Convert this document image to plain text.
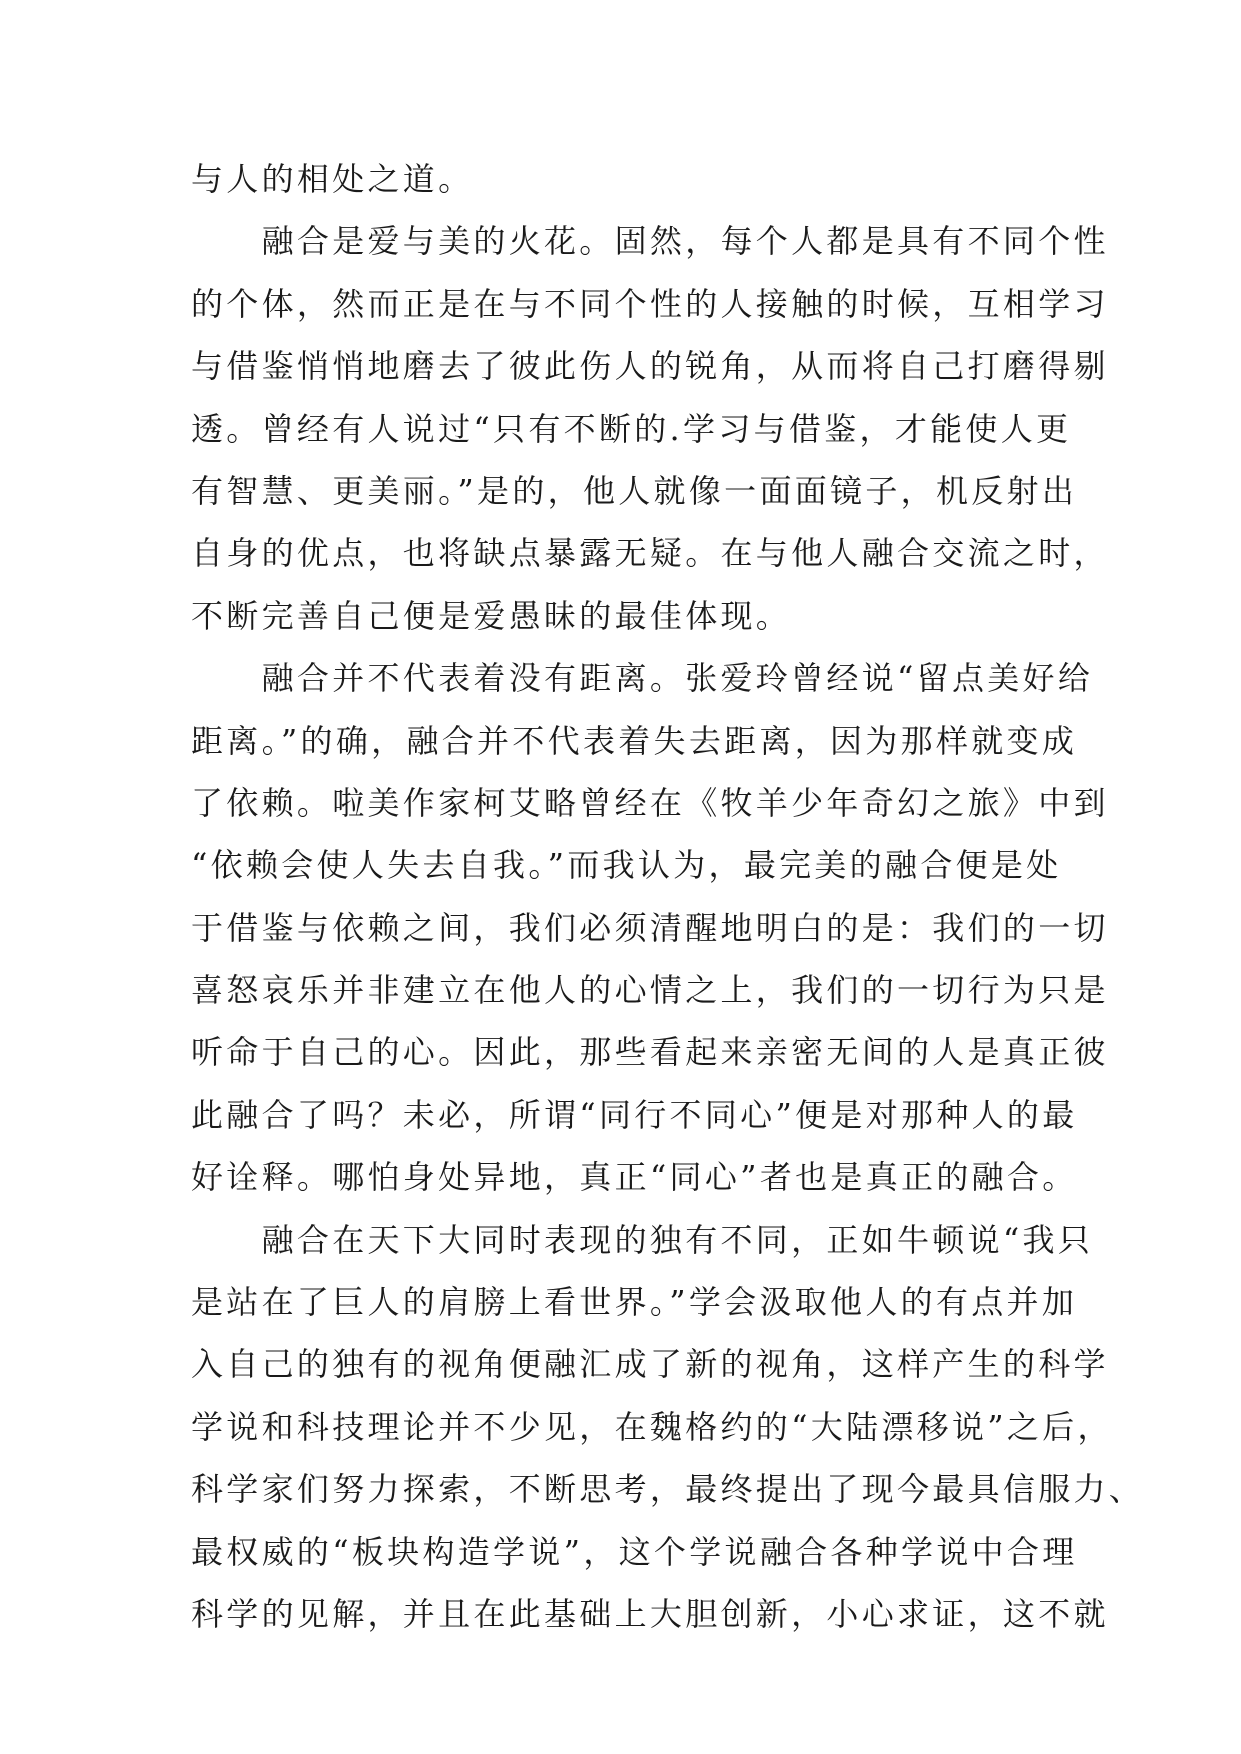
与人的相处之道。
　　融合是爱与美的火花。固然，每个人都是具有不同个性
的个体，然而正是在与不同个性的人接触的时候，互相学习
与借鉴悄悄地磨去了彼此伤人的锐角，从而将自己打磨得剔
透。曾经有人说过“只有不断的.学习与借鉴，才能使人更
有智慧、更美丽。”是的，他人就像一面面镜子，机反射出
自身的优点，也将缺点暴露无疑。在与他人融合交流之时，
不断完善自己便是爱愚昧的最佳体现。
　　融合并不代表着没有距离。张爱玲曾经说“留点美好给
距离。”的确，融合并不代表着失去距离，因为那样就变成
了依赖。啦美作家柯艾略曾经在《牧羊少年奇幻之旅》中到
“依赖会使人失去自我。”而我认为，最完美的融合便是处
于借鉴与依赖之间，我们必须清醒地明白的是：我们的一切
喜怒哀乐并非建立在他人的心情之上，我们的一切行为只是
听命于自己的心。因此，那些看起来亲密无间的人是真正彼
此融合了吗？未必，所谓“同行不同心”便是对那种人的最
好诠释。哪怕身处异地，真正“同心”者也是真正的融合。
　　融合在天下大同时表现的独有不同，正如牛顿说“我只
是站在了巨人的肩膀上看世界。”学会汲取他人的有点并加
入自己的独有的视角便融汇成了新的视角，这样产生的科学
学说和科技理论并不少见，在魏格约的“大陆漂移说”之后，
科学家们努力探索，不断思考，最终提出了现今最具信服力、
最权威的“板块构造学说”，这个学说融合各种学说中合理
科学的见解，并且在此基础上大胆创新，小心求证，这不就
